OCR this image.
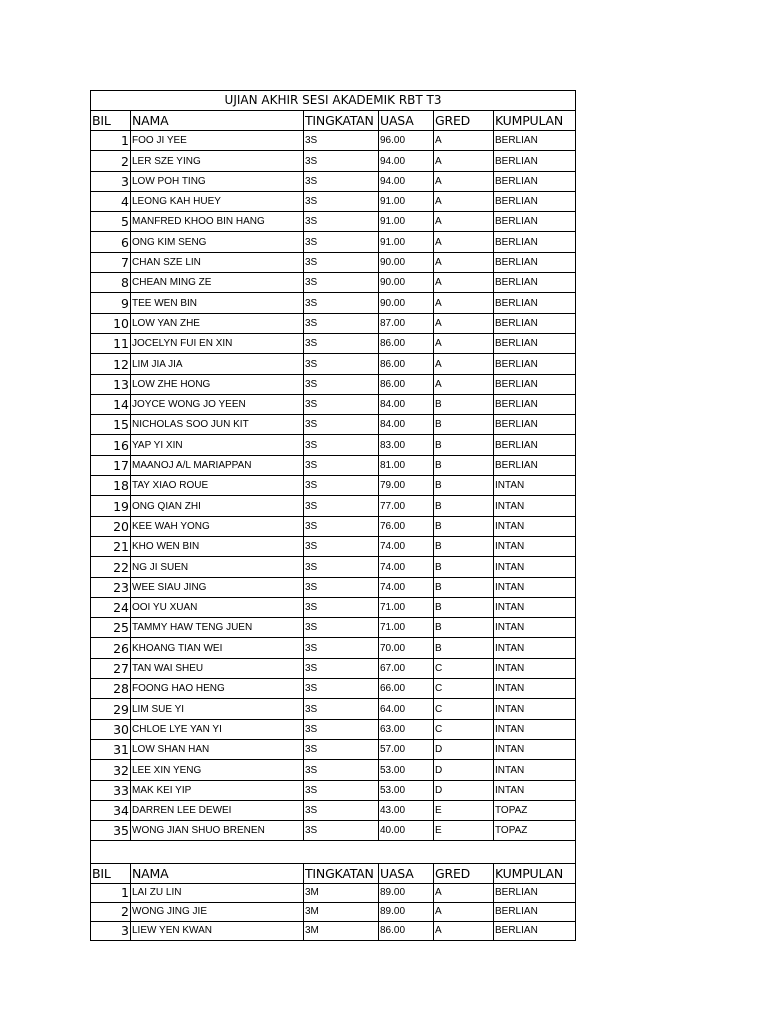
UJIAN AKHIR SESI AKADEMIK RBT T3					
BIL	NAMA	TINGKATAN	UASA	GRED	KUMPULAN
1	FOO JI YEE	3S	96.00	A	BERLIAN
2	LER SZE YING	3S	94.00	A	BERLIAN
3	LOW POH TING	3S	94.00	A	BERLIAN
4	LEONG KAH HUEY	3S	91.00	A	BERLIAN
5	MANFRED KHOO BIN HANG	3S	91.00	A	BERLIAN
6	ONG KIM SENG	3S	91.00	A	BERLIAN
7	CHAN SZE LIN	3S	90.00	A	BERLIAN
8	CHEAN MING ZE	3S	90.00	A	BERLIAN
9	TEE WEN BIN	3S	90.00	A	BERLIAN
10	LOW YAN ZHE	3S	87.00	A	BERLIAN
11	JOCELYN FUI EN XIN	3S	86.00	A	BERLIAN
12	LIM JIA JIA	3S	86.00	A	BERLIAN
13	LOW ZHE HONG	3S	86.00	A	BERLIAN
14	JOYCE WONG JO YEEN	3S	84.00	B	BERLIAN
15	NICHOLAS SOO JUN KIT	3S	84.00	B	BERLIAN
16	YAP YI XIN	3S	83.00	B	BERLIAN
17	MAANOJ A/L MARIAPPAN	3S	81.00	B	BERLIAN
18	TAY XIAO ROUE	3S	79.00	B	INTAN
19	ONG QIAN ZHI	3S	77.00	B	INTAN
20	KEE WAH YONG	3S	76.00	B	INTAN
21	KHO WEN BIN	3S	74.00	B	INTAN
22	NG JI SUEN	3S	74.00	B	INTAN
23	WEE SIAU JING	3S	74.00	B	INTAN
24	OOI YU XUAN	3S	71.00	B	INTAN
25	TAMMY HAW TENG JUEN	3S	71.00	B	INTAN
26	KHOANG TIAN WEI	3S	70.00	B	INTAN
27	TAN WAI SHEU	3S	67.00	C	INTAN
28	FOONG HAO HENG	3S	66.00	C	INTAN
29	LIM SUE YI	3S	64.00	C	INTAN
30	CHLOE LYE YAN YI	3S	63.00	C	INTAN
31	LOW SHAN HAN	3S	57.00	D	INTAN
32	LEE XIN YENG	3S	53.00	D	INTAN
33	MAK KEI YIP	3S	53.00	D	INTAN
34	DARREN LEE DEWEI	3S	43.00	E	TOPAZ
35	WONG JIAN SHUO BRENEN	3S	40.00	E	TOPAZ

BIL	NAMA	TINGKATAN	UASA	GRED	KUMPULAN
1	LAI ZU LIN	3M	89.00	A	BERLIAN
2	WONG JING JIE	3M	89.00	A	BERLIAN
3	LIEW YEN KWAN	3M	86.00	A	BERLIAN
